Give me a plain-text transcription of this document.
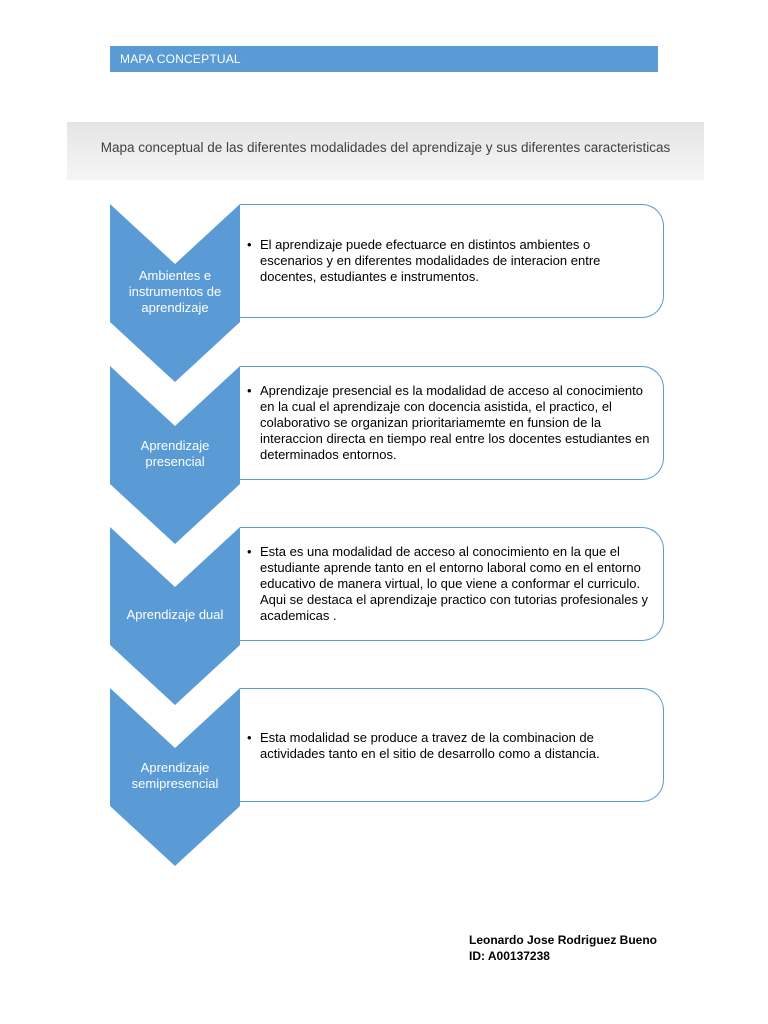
MAPA CONCEPTUAL
Mapa conceptual de las diferentes modalidades del aprendizaje y sus diferentes caracteristicas
Ambientes e
instrumentos de
aprendizaje
• El aprendizaje puede efectuarce en distintos ambientes o escenarios y en diferentes modalidades de interacion entre docentes, estudiantes e instrumentos.
Aprendizaje
presencial
• Aprendizaje presencial es la modalidad de acceso al conocimiento en la cual el aprendizaje con docencia asistida, el practico, el colaborativo se organizan prioritariamemte en funsion de la interaccion directa en tiempo real entre los docentes estudiantes en determinados entornos.
Aprendizaje dual
• Esta es una modalidad de acceso al conocimiento en la que el estudiante aprende tanto en el entorno laboral como en el entorno educativo de manera virtual, lo que viene a conformar el curriculo. Aqui se destaca el aprendizaje practico con tutorias profesionales y academicas .
Aprendizaje
semipresencial
• Esta modalidad se produce a travez de la combinacion de actividades tanto en el sitio de desarrollo como a distancia.
Leonardo Jose Rodriguez Bueno
ID: A00137238
